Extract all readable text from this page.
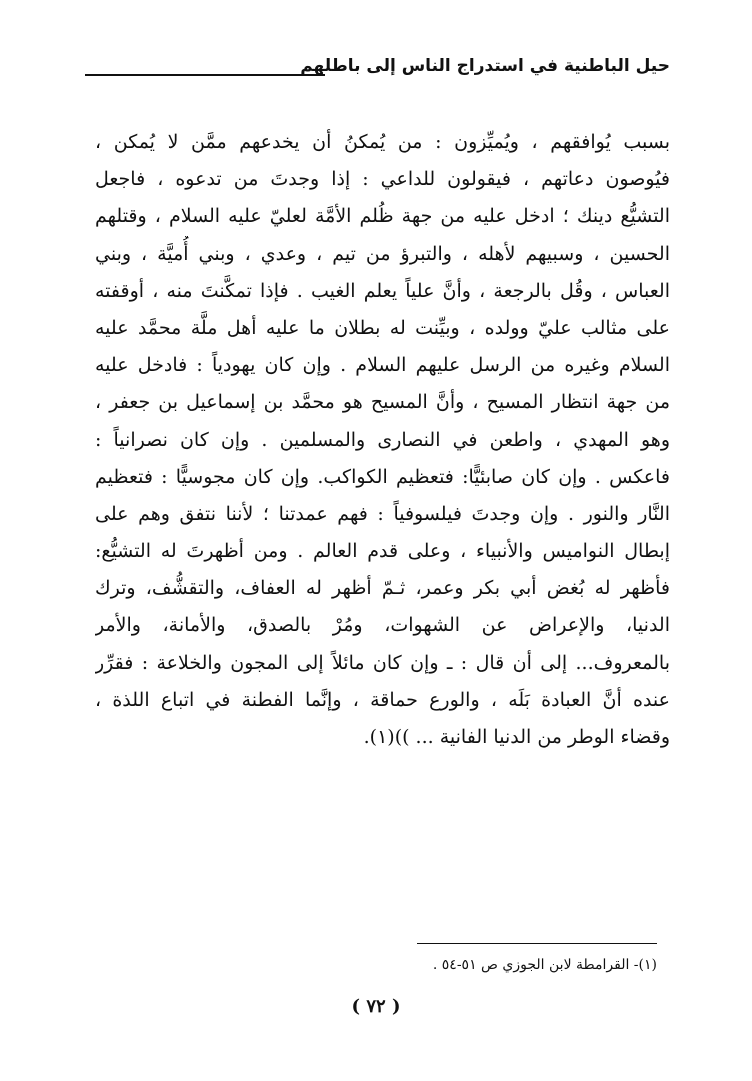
حيل الباطنية في استدراج الناس إلى باطلهم
بسبب يُوافقهم ، ويُميِّزون : من يُمكنُ أن يخدعهم ممَّن لا يُمكن ،
فيُوصون دعاتهم ، فيقولون للداعي : إذا وجدتَ من تدعوه ، فاجعل
التشيُّع دينك ؛ ادخل عليه من جهة ظُلم الأمَّة لعليّ عليه السلام ، وقتلهم
الحسين ، وسبيهم لأهله ، والتبرؤ من تيم ، وعدي ، وبني أُميَّة ، وبني
العباس ، وقُل بالرجعة ، وأنَّ علياً يعلم الغيب . فإذا تمكَّنتَ منه ، أوقفته
على مثالب عليّ وولده ، وبيِّنت له بطلان ما عليه أهل ملَّة محمَّد عليه
السلام وغيره من الرسل عليهم السلام . وإن كان يهودياً : فادخل عليه
من جهة انتظار المسيح ، وأنَّ المسيح هو محمَّد بن إسماعيل بن جعفر ،
وهو المهدي ، واطعن في النصارى والمسلمين . وإن كان نصرانياً :
فاعكس . وإن كان صابئيًّا: فتعظيم الكواكب. وإن كان مجوسيًّا : فتعظيم
النَّار والنور . وإن وجدتَ فيلسوفياً : فهم عمدتنا ؛ لأننا نتفق وهم على
إبطال النواميس والأنبياء ، وعلى قدم العالم . ومن أظهرتَ له التشيُّع:
فأظهر له بُغض أبي بكر وعمر، ثـمّ أظهر له العفاف، والتقشُّف، وترك
الدنيا، والإعراض عن الشهوات، ومُرْ بالصدق، والأمانة، والأمر
بالمعروف... إلى أن قال : ـ وإن كان مائلاً إلى المجون والخلاعة : فقرِّر
عنده أنَّ العبادة بَلَه ، والورع حماقة ، وإنَّما الفطنة في اتباع اللذة ،
وقضاء الوطر من الدنيا الفانية ... ))(١).
(١)- القرامطة لابن الجوزي ص ٥١-٥٤ .
( ٧٢ )
